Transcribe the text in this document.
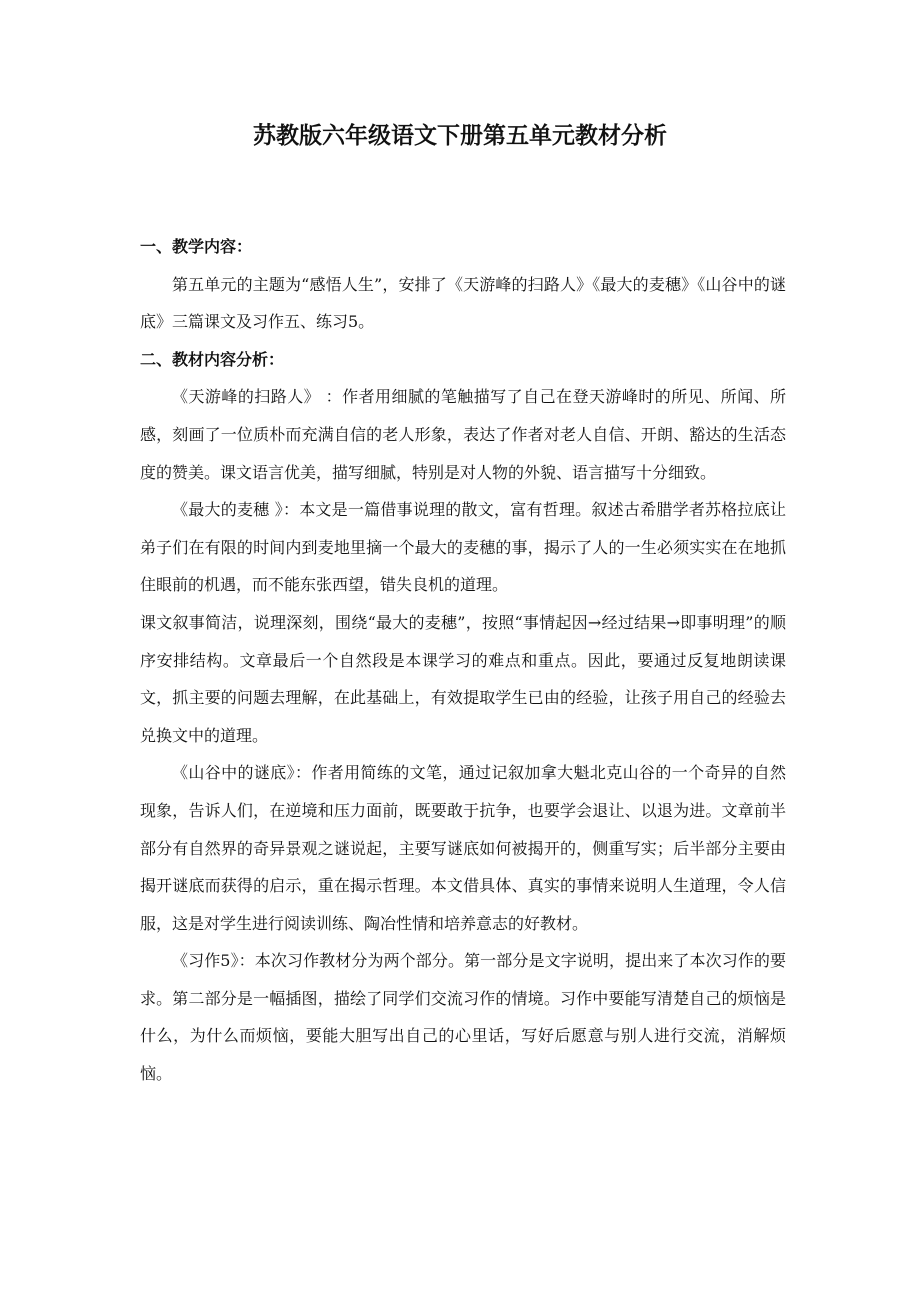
苏教版六年级语文下册第五单元教材分析

一、教学内容：

第五单元的主题为“感悟人生”，安排了《天游峰的扫路人》《最大的麦穗》《山谷中的谜底》三篇课文及习作五、练习5。

二、教材内容分析：

《天游峰的扫路人》 ：作者用细腻的笔触描写了自己在登天游峰时的所见、所闻、所感，刻画了一位质朴而充满自信的老人形象，表达了作者对老人自信、开朗、豁达的生活态度的赞美。课文语言优美，描写细腻，特别是对人物的外貌、语言描写十分细致。

《最大的麦穗 》：本文是一篇借事说理的散文，富有哲理。叙述古希腊学者苏格拉底让弟子们在有限的时间内到麦地里摘一个最大的麦穗的事，揭示了人的一生必须实实在在地抓住眼前的机遇，而不能东张西望，错失良机的道理。

课文叙事简洁，说理深刻，围绕“最大的麦穗”，按照“事情起因→经过结果→即事明理”的顺序安排结构。文章最后一个自然段是本课学习的难点和重点。因此，要通过反复地朗读课文，抓主要的问题去理解，在此基础上，有效提取学生已由的经验，让孩子用自己的经验去兑换文中的道理。

《山谷中的谜底》：作者用简练的文笔，通过记叙加拿大魁北克山谷的一个奇异的自然现象，告诉人们，在逆境和压力面前，既要敢于抗争，也要学会退让、以退为进。文章前半部分有自然界的奇异景观之谜说起，主要写谜底如何被揭开的，侧重写实；后半部分主要由揭开谜底而获得的启示，重在揭示哲理。本文借具体、真实的事情来说明人生道理，令人信服，这是对学生进行阅读训练、陶冶性情和培养意志的好教材。

《习作5》：本次习作教材分为两个部分。第一部分是文字说明，提出来了本次习作的要求。第二部分是一幅插图，描绘了同学们交流习作的情境。习作中要能写清楚自己的烦恼是什么，为什么而烦恼，要能大胆写出自己的心里话，写好后愿意与别人进行交流，消解烦恼。
